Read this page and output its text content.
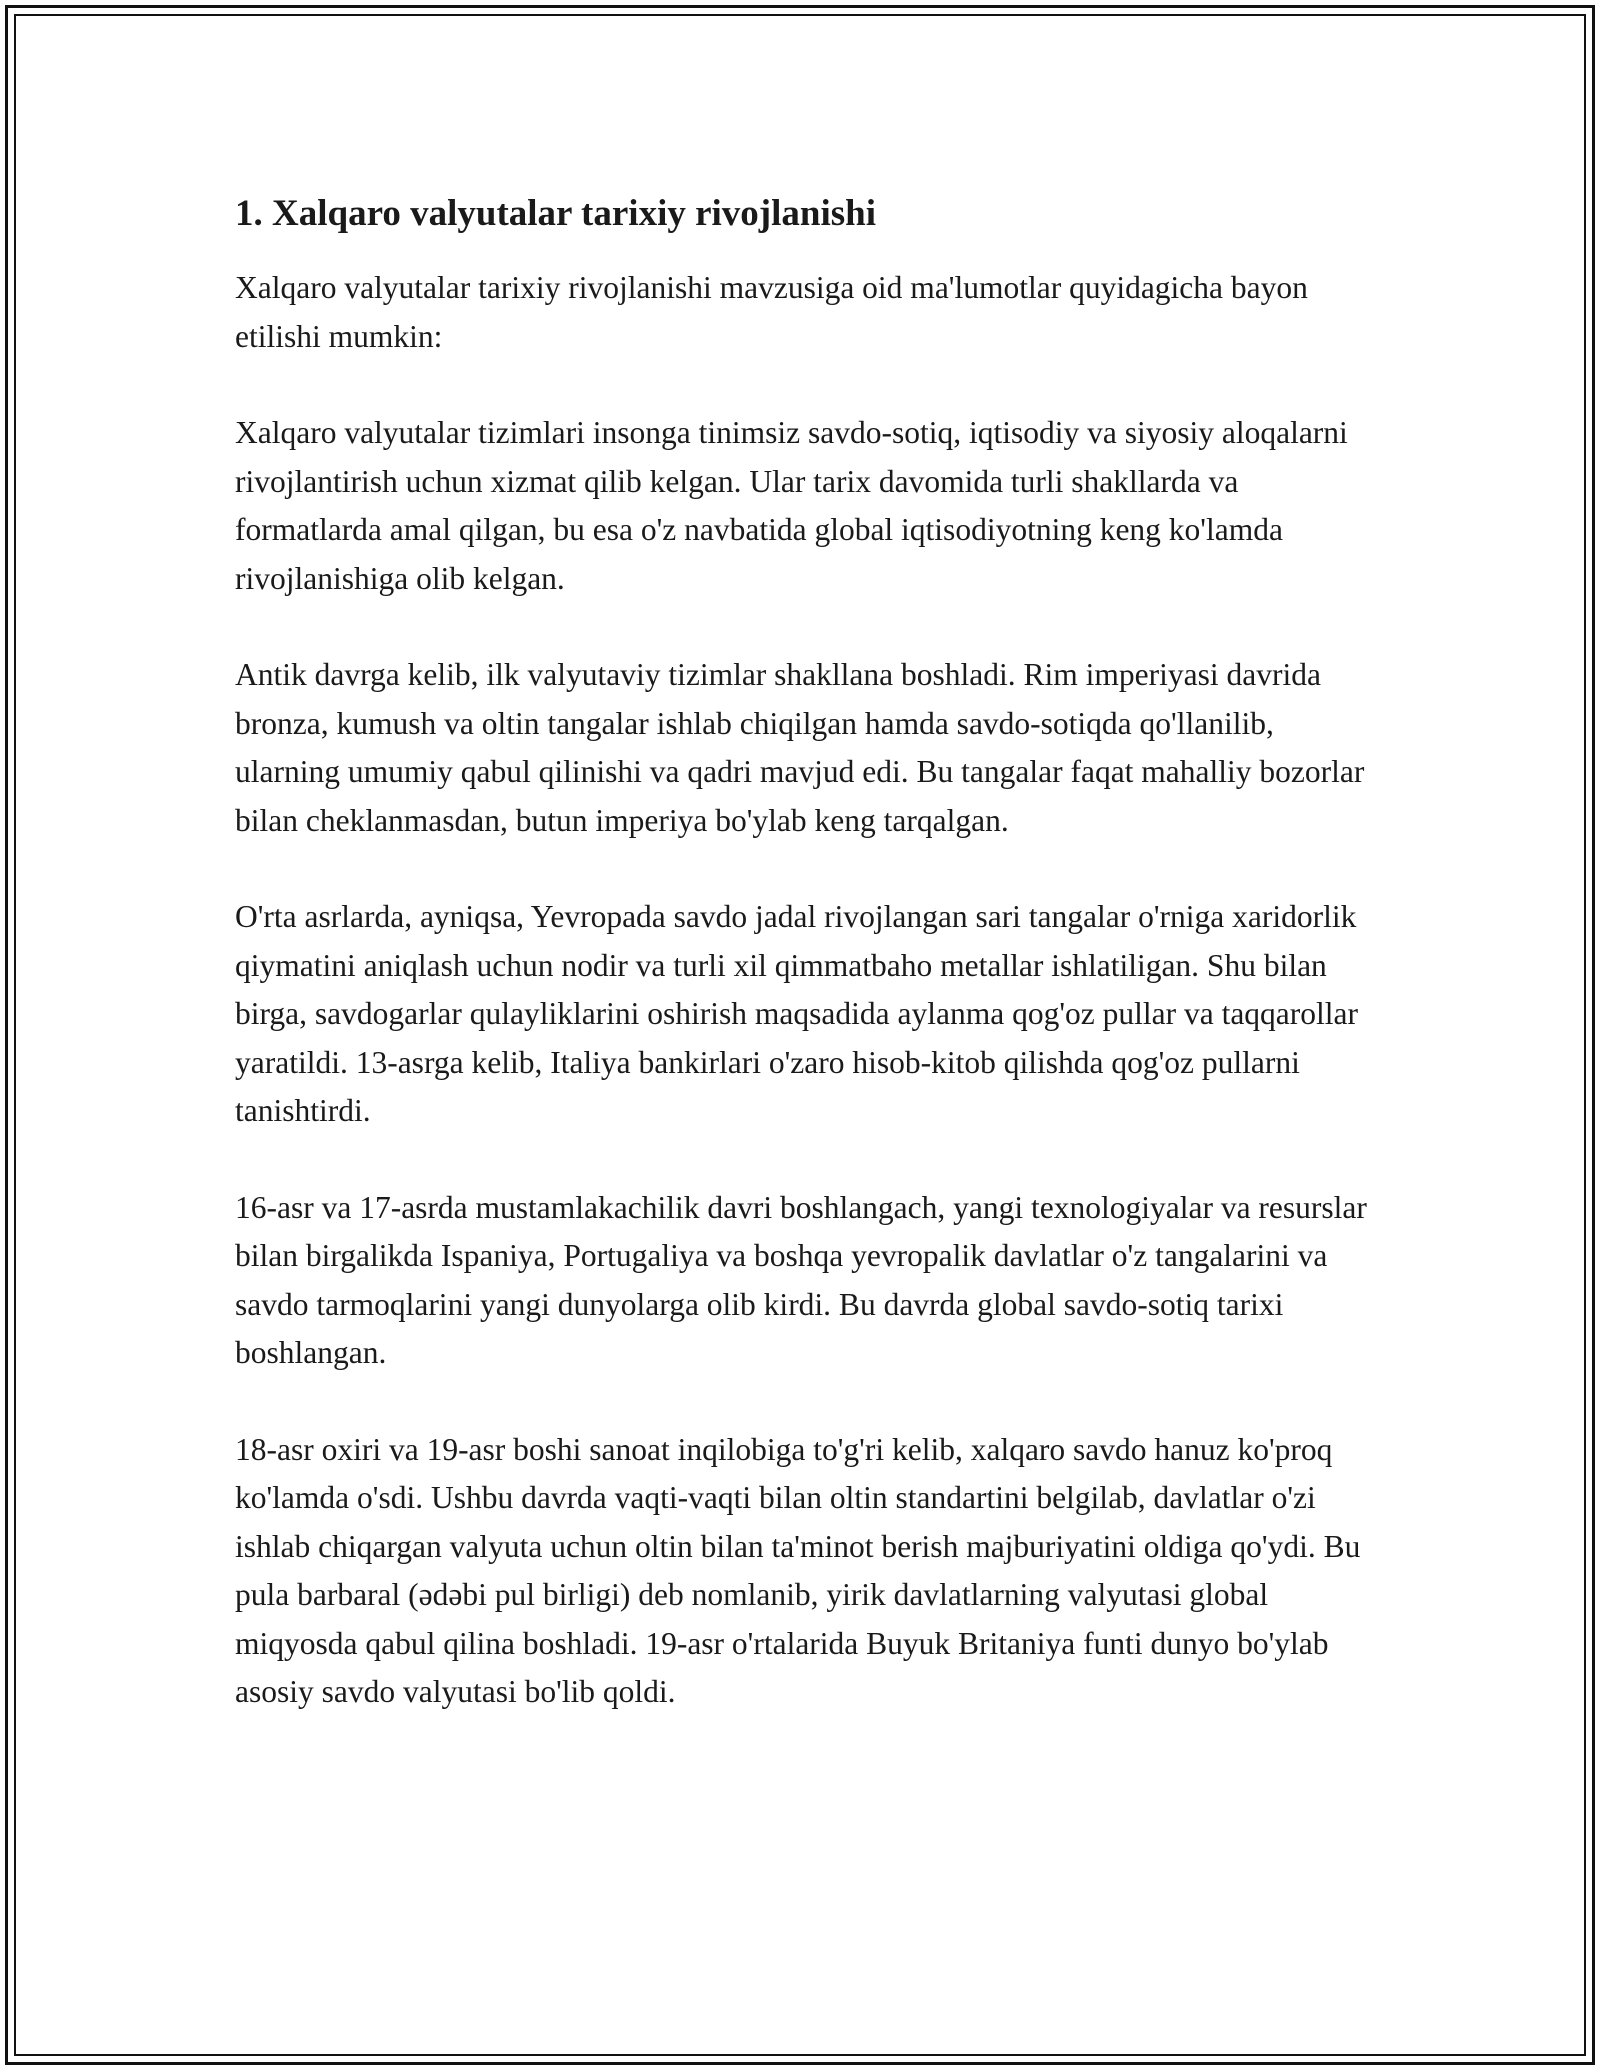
1. Xalqaro valyutalar tarixiy rivojlanishi

Xalqaro valyutalar tarixiy rivojlanishi mavzusiga oid ma'lumotlar quyidagicha bayon etilishi mumkin:

Xalqaro valyutalar tizimlari insonga tinimsiz savdo-sotiq, iqtisodiy va siyosiy aloqalarni rivojlantirish uchun xizmat qilib kelgan. Ular tarix davomida turli shakllarda va formatlarda amal qilgan, bu esa o'z navbatida global iqtisodiyotning keng ko'lamda rivojlanishiga olib kelgan.

Antik davrga kelib, ilk valyutaviy tizimlar shakllana boshladi. Rim imperiyasi davrida bronza, kumush va oltin tangalar ishlab chiqilgan hamda savdo-sotiqda qo'llanilib, ularning umumiy qabul qilinishi va qadri mavjud edi. Bu tangalar faqat mahalliy bozorlar bilan cheklanmasdan, butun imperiya bo'ylab keng tarqalgan.

O'rta asrlarda, ayniqsa, Yevropada savdo jadal rivojlangan sari tangalar o'rniga xaridorlik qiymatini aniqlash uchun nodir va turli xil qimmatbaho metallar ishlatiligan. Shu bilan birga, savdogarlar qulayliklarini oshirish maqsadida aylanma qog'oz pullar va taqqarollar yaratildi. 13-asrga kelib, Italiya bankirlari o'zaro hisob-kitob qilishda qog'oz pullarni tanishtirdi.

16-asr va 17-asrda mustamlakachilik davri boshlangach, yangi texnologiyalar va resurslar bilan birgalikda Ispaniya, Portugaliya va boshqa yevropalik davlatlar o'z tangalarini va savdo tarmoqlarini yangi dunyolarga olib kirdi. Bu davrda global savdo-sotiq tarixi boshlangan.

18-asr oxiri va 19-asr boshi sanoat inqilobiga to'g'ri kelib, xalqaro savdo hanuz ko'proq ko'lamda o'sdi. Ushbu davrda vaqti-vaqti bilan oltin standartini belgilab, davlatlar o'zi ishlab chiqargan valyuta uchun oltin bilan ta'minot berish majburiyatini oldiga qo'ydi. Bu pula barbaral (ədəbi pul birligi) deb nomlanib, yirik davlatlarning valyutasi global miqyosda qabul qilina boshladi. 19-asr o'rtalarida Buyuk Britaniya funti dunyo bo'ylab asosiy savdo valyutasi bo'lib qoldi.
